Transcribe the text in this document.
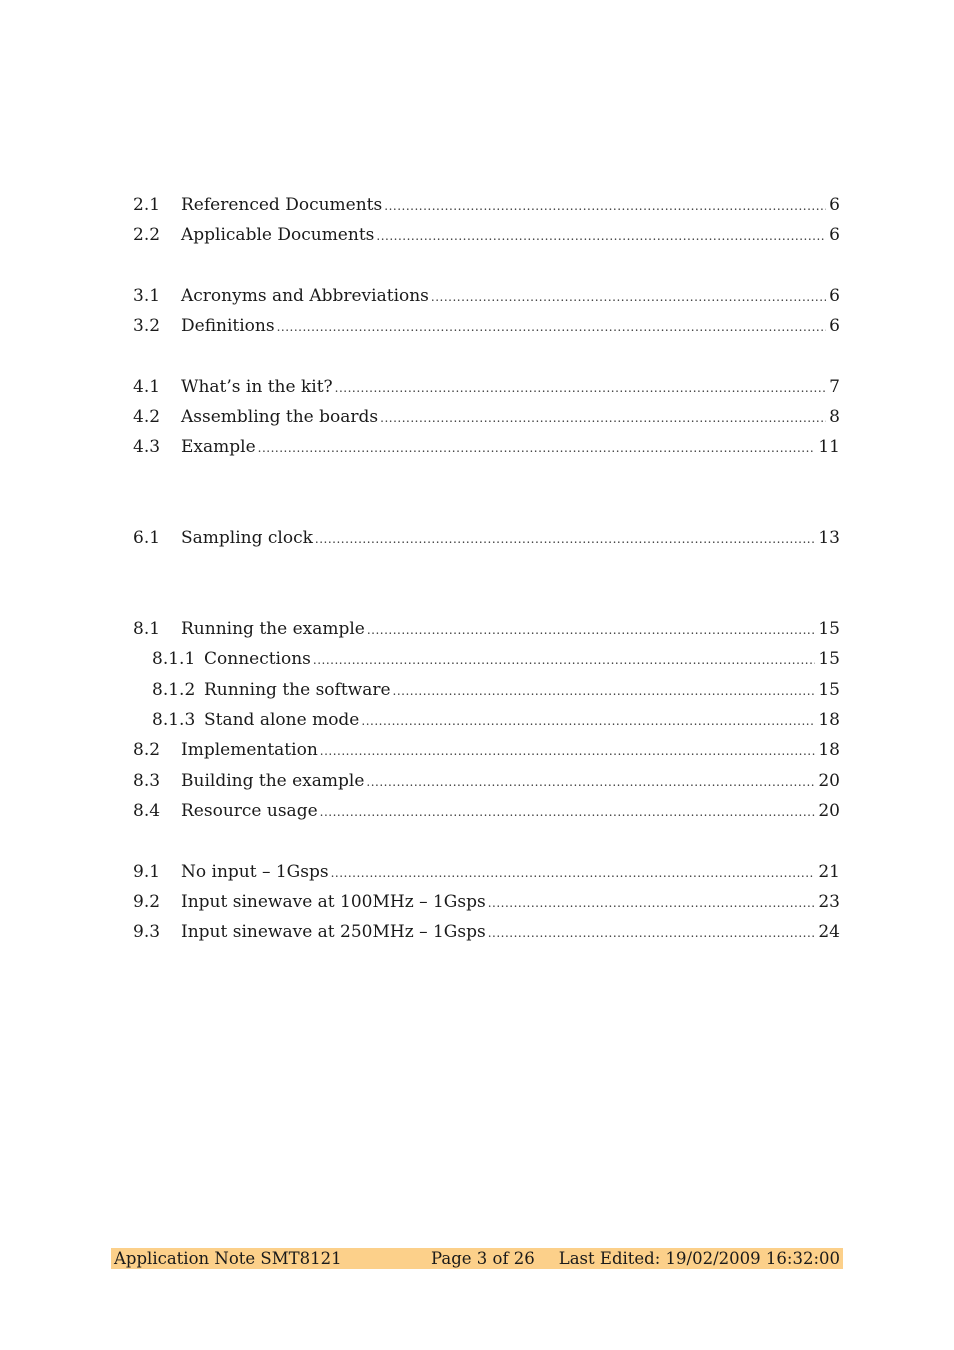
2.1	Referenced Documents .....	6
2.2	Applicable Documents .....	6
3.1	Acronyms and Abbreviations .....	6
3.2	Definitions .....	6
4.1	What’s in the kit? .....	7
4.2	Assembling the boards .....	8
4.3	Example .....	11
6.1	Sampling clock .....	13
8.1	Running the example .....	15
8.1.1 Connections .....	15
8.1.2 Running the software .....	15
8.1.3 Stand alone mode .....	18
8.2	Implementation .....	18
8.3	Building the example .....	20
8.4	Resource usage .....	20
9.1	No input – 1Gsps .....	21
9.2	Input sinewave at 100MHz – 1Gsps .....	23
9.3	Input sinewave at 250MHz – 1Gsps .....	24
Application Note SMT8121	Page 3 of 26 Last Edited: 19/02/2009 16:32:00
